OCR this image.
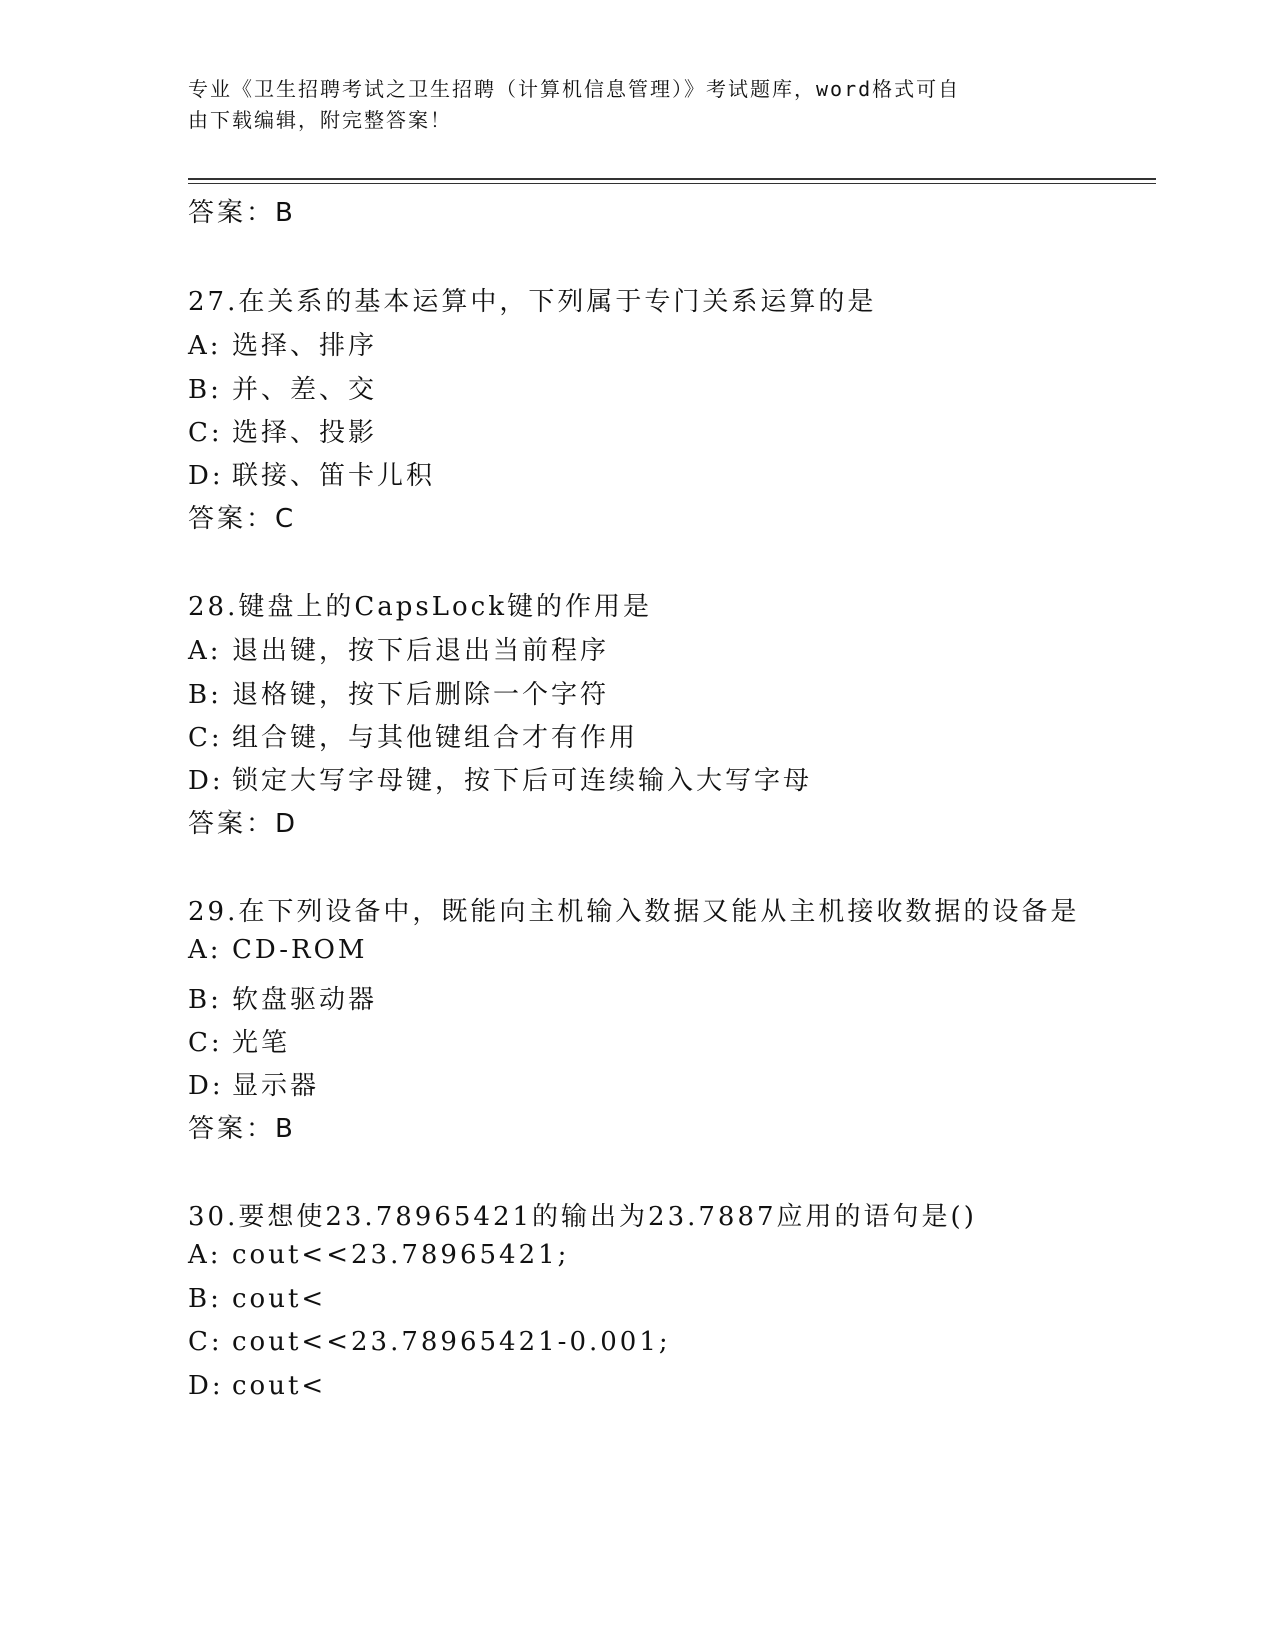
专业《卫生招聘考试之卫生招聘（计算机信息管理）》考试题库，word格式可自
由下载编辑，附完整答案！
答案：B
27.在关系的基本运算中，下列属于专门关系运算的是
A: 选择、排序
B: 并、差、交
C: 选择、投影
D: 联接、笛卡儿积
答案：C
28.键盘上的CapsLock键的作用是
A: 退出键，按下后退出当前程序
B: 退格键，按下后删除一个字符
C: 组合键，与其他键组合才有作用
D: 锁定大写字母键，按下后可连续输入大写字母
答案：D
29.在下列设备中，既能向主机输入数据又能从主机接收数据的设备是
A: CD-ROM
B: 软盘驱动器
C: 光笔
D: 显示器
答案：B
30.要想使23.78965421的输出为23.7887应用的语句是()
A: cout<<23.78965421;
B: cout<
C: cout<<23.78965421-0.001;
D: cout<
